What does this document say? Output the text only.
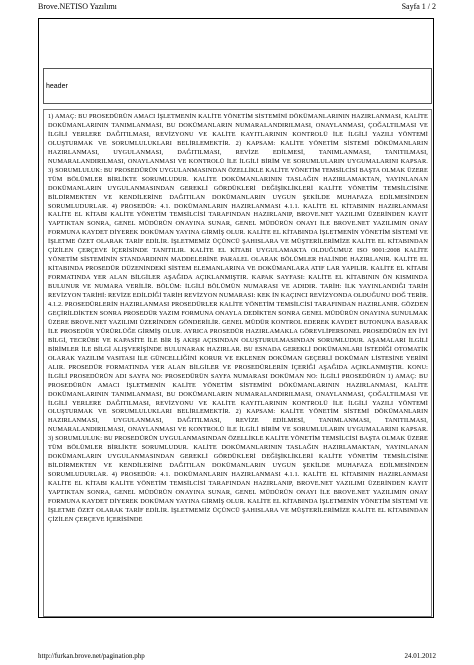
Brove.NETISO Yazılımı	Sayfa 1 / 2
header

1) AMAÇ: BU PROSEDÜRÜN AMACI İŞLETMENİN KALİTE YÖNETİM SİSTEMİNİ DÖKÜMANLARININ HAZIRLANMASI, KALİTE DOKÜMANLARININ TANIMLANMASI, BU DOKÜMANLARIN NUMARALANDIRILMASI, ONAYLANMASI, ÇOĞALTILMASI VE İLGİLİ YERLERE DAĞITILMASI, REVİZYONU VE KALİTE KAYITLARININ KONTROLÜ İLE İLGİLİ YAZILI YÖNTEMİ OLUŞTURMAK VE SORUMLULUKLARI BELİRLEMEKTİR. 2) KAPSAM: KALİTE YÖNETİM SİSTEMİ DÖKÜMANLARIN HAZIRLANMASI, UYGULANMASI, DAĞITILMASI, REVİZE EDİLMESİ, TANIMLANMASI, TANITILMASI, NUMARALANDIRILMASI, ONAYLANMASI VE KONTROLÜ İLE İLGİLİ BİRİM VE SORUMLULARIN UYGUMALARINI KAPSAR. 3) SORUMLULUK: BU PROSEDÜRÜN UYGULANMASINDAN ÖZELLİKLE KALİTE YÖNETİM TEMSİLCİSİ BAŞTA OLMAK ÜZERE TÜM BÖLÜMLER BİRLİKTE SORUMLUDUR. KALİTE DOKÜMANLARININ TASLAĞIN HAZIRLAMAKTAN, YAYINLANAN DOKÜMANLARIN UYGULANMASINDAN GEREKLİ GÖRDÜKLERİ DEĞİŞİKLİKLERİ KALİTE YÖNETİM TEMSİLCİSİNE BİLDİRMEKTEN VE KENDİLERİNE DAĞITILAN DOKÜMANLARIN UYGUN ŞEKİLDE MUHAFAZA EDİLMESİNDEN SORUMLUDURLAR. 4) PROSEDÜR: 4.1. DOKÜMANLARIN HAZIRLANMASI 4.1.1. KALİTE EL KİTABININ HAZIRLANMASI KALİTE EL KİTABI KALİTE YÖNETİM TEMSİLCİSİ TARAFINDAN HAZIRLANIP, BROVE.NET YAZILIMI ÜZERİNDEN KAYIT YAPTIKTAN SONRA, GENEL MÜDÜRÜN ONAYINA SUNAR, GENEL MÜDÜRÜN ONAYI İLE BROVE.NET YAZILIMIN ONAY FORMUNA KAYDET DİYEREK DOKÜMAN YAYINA GİRMİŞ OLUR. KALİTE EL KİTABINDA İŞLETMENİN YÖNETİM SİSTEMİ VE İŞLETME ÖZET OLARAK TARİF EDİLİR. İŞLETMEMİZ ÜÇÜNCÜ ŞAHISLARA VE MÜŞTERİLERİMİZE KALİTE EL KİTABINDAN ÇİZİLEN ÇERÇEVE İÇERİSİNDE TANITILIR. KALİTE EL KİTABI UYGULAMAKTA OLDUĞUMUZ ISO 9001:2008 KALİTE YÖNETİM SİSTEMİNİN STANDARDININ MADDELERİNE PARALEL OLARAK BÖLÜMLER HALİNDE HAZIRLANIR. KALİTE EL KİTABINDA PROSEDÜR DÜZENİNDEKİ SİSTEM ELEMANLARINA VE DOKÜMANLARA ATIF LAR YAPILIR. KALİTE EL KİTABI FORMATINDA YER ALAN BİLGİLER AŞAĞIDA AÇIKLANMIŞTIR. KAPAK SAYFASI: KALİTE EL KİTABININ ÖN KISMINDA BULUNUR VE NUMARA VERİLİR. BÖLÜM: İLGİLİ BÖLÜMÜN NUMARASI VE ADIDIR. TARİH: İLK YAYINLANDIĞI TARİH REVİZYON TARİHİ: REVİZE EDİLDİĞİ TARİH REVİZYON NUMARASI: KEK İN KAÇINCI REVİZYONDA OLDUĞUNU DOĞ TERİR. 4.1.2. PROSEDÜRLERİN HAZIRLANMASI PROSEDÜRLER KALİTE YÖNETİM TEMSİLCİSİ TARAFINDAN HAZIRLANIR. GÖZDEN GEÇİRİLDİKTEN SONRA PROSEDÜR YAZIM FORMUNA ONAYLA DEDİKTEN SONRA GENEL MÜDÜRÜN ONAYINA SUNULMAK ÜZERE BROVE.NET YAZILIMI ÜZERİNDEN GÖNDERİLİR. GENEL MÜDÜR KONTROL EDEREK KAYDET BUTONUNA BASARAK İLE PROSEDÜR YÜRÜRLÜĞE GİRMİŞ OLUR. AYRICA PROSEDÜR HAZIRLAMAKLA GÖREVLİPERSONEL PROSEDÜRÜN EN İYİ BİLGİ, TECRÜBE VE KAPASİTE İLE BİR İŞ AKIŞI AÇISINDAN OLUŞTURULMASINDAN SORUMLUDUR. AŞAMALARI İLGİLİ BİRİMLER İLE BİLGİ ALIŞVERİŞİNDE BULUNARAK HAZIRLAR. BU ESNADA GEREKLİ DOKÜMANLARI İSTEDİĞİ OTOMATİK OLARAK YAZILIM VASITASI İLE GÜNCELLİĞİNİ KORUR VE EKLENEN DOKÜMAN GEÇERLİ DOKÜMAN LİSTESİNE YERİNİ ALIR. PROSEDÜR FORMATINDA YER ALAN BİLGİLER VE PROSEDÜRLERİN İÇERİĞİ AŞAĞIDA AÇIKLANMIŞTIR. KONU: İLGİLİ PROSEDÜRÜN ADI SAYFA NO: PROSEDÜRÜN SAYFA NUMARASI DOKÜMAN NO: İLGİLİ PROSEDÜRÜN 1) AMAÇ: BU PROSEDÜRÜN AMACI İŞLETMENİN KALİTE YÖNETİM SİSTEMİNİ DÖKÜMANLARININ HAZIRLANMASI, KALİTE DOKÜMANLARININ TANIMLANMASI, BU DOKÜMANLARIN NUMARALANDIRILMASI, ONAYLANMASI, ÇOĞALTILMASI VE İLGİLİ YERLERE DAĞITILMASI, REVİZYONU VE KALİTE KAYITLARININ KONTROLÜ İLE İLGİLİ YAZILI YÖNTEMİ OLUŞTURMAK VE SORUMLULUKLARI BELİRLEMEKTİR. 2) KAPSAM: KALİTE YÖNETİM SİSTEMİ DÖKÜMANLARIN HAZIRLANMASI, UYGULANMASI, DAĞITILMASI, REVİZE EDİLMESİ, TANIMLANMASI, TANITILMASI, NUMARALANDIRILMASI, ONAYLANMASI VE KONTROLÜ İLE İLGİLİ BİRİM VE SORUMLULARIN UYGUMALARINI KAPSAR. 3) SORUMLULUK: BU PROSEDÜRÜN UYGULANMASINDAN ÖZELLİKLE KALİTE YÖNETİM TEMSİLCİSİ BAŞTA OLMAK ÜZERE TÜM BÖLÜMLER BİRLİKTE SORUMLUDUR. KALİTE DOKÜMANLARININ TASLAĞIN HAZIRLAMAKTAN, YAYINLANAN DOKÜMANLARIN UYGULANMASINDAN GEREKLİ GÖRDÜKLERİ DEĞİŞİKLİKLERİ KALİTE YÖNETİM TEMSİLCİSİNE BİLDİRMEKTEN VE KENDİLERİNE DAĞITILAN DOKÜMANLARIN UYGUN ŞEKİLDE MUHAFAZA EDİLMESİNDEN SORUMLUDURLAR. 4) PROSEDÜR: 4.1. DOKÜMANLARIN HAZIRLANMASI 4.1.1. KALİTE EL KİTABININ HAZIRLANMASI KALİTE EL KİTABI KALİTE YÖNETİM TEMSİLCİSİ TARAFINDAN HAZIRLANIP, BROVE.NET YAZILIMI ÜZERİNDEN KAYIT YAPTIKTAN SONRA, GENEL MÜDÜRÜN ONAYINA SUNAR, GENEL MÜDÜRÜN ONAYI İLE BROVE.NET YAZILIMIN ONAY FORMUNA KAYDET DİYEREK DOKÜMAN YAYINA GİRMİŞ OLUR. KALİTE EL KİTABINDA İŞLETMENİN YÖNETİM SİSTEMİ VE İŞLETME ÖZET OLARAK TARİF EDİLİR. İŞLETMEMİZ ÜÇÜNCÜ ŞAHISLARA VE MÜŞTERİLERİMİZE KALİTE EL KİTABINDAN ÇİZİLEN ÇERÇEVE İÇERİSİNDE

http://furkan.brove.net/pagination.php	24.01.2012
